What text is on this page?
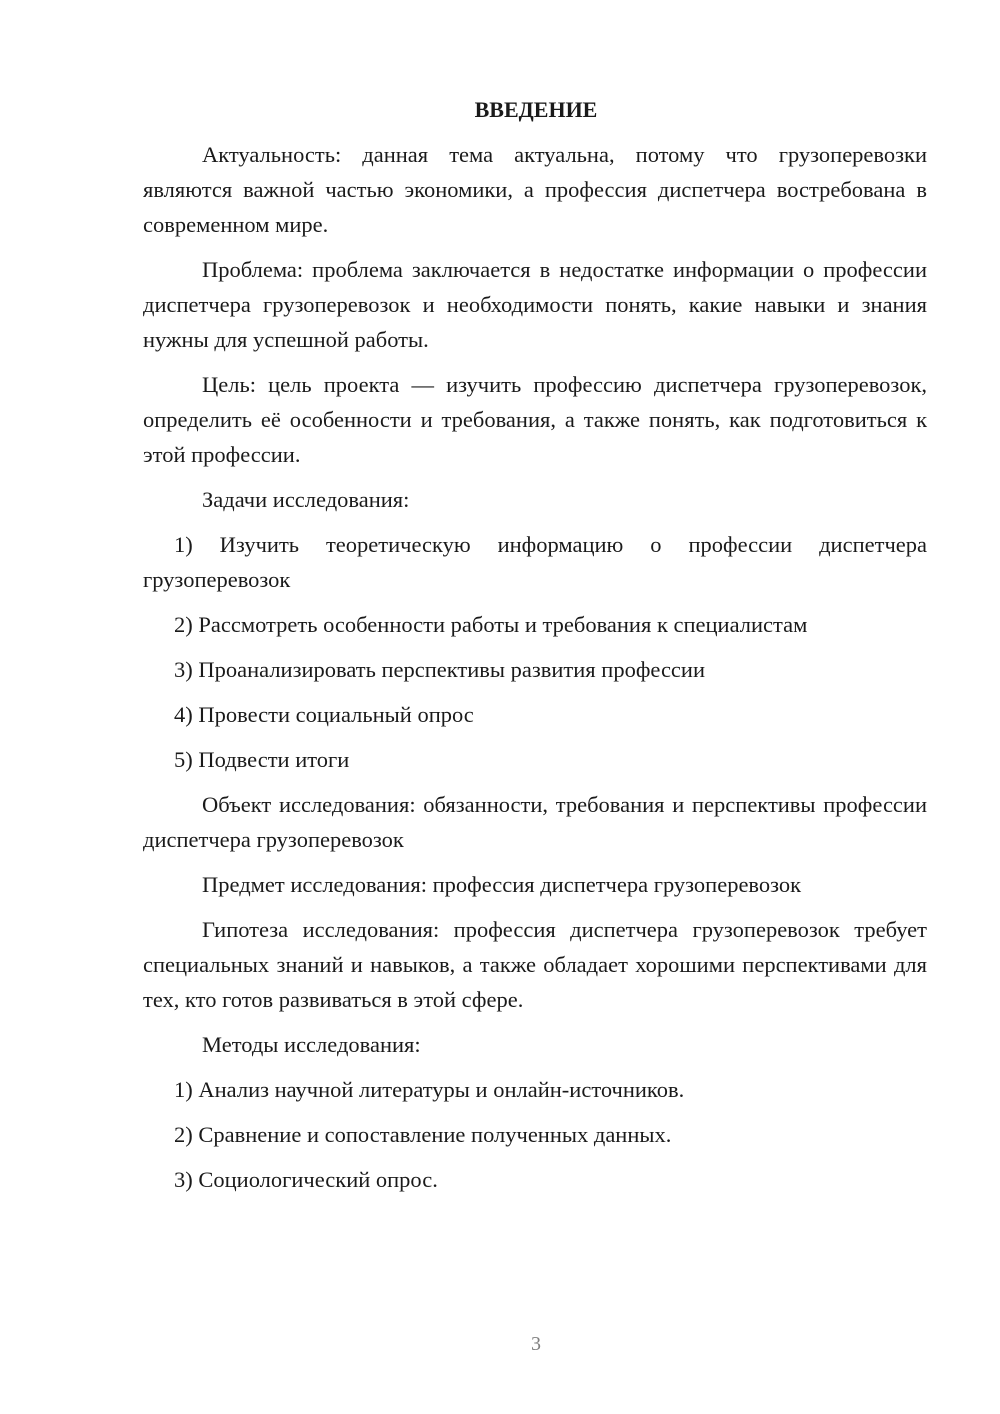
ВВЕДЕНИЕ

Актуальность: данная тема актуальна, потому что грузоперевозки являются важной частью экономики, а профессия диспетчера востребована в современном мире.

Проблема: проблема заключается в недостатке информации о профессии диспетчера грузоперевозок и необходимости понять, какие навыки и знания нужны для успешной работы.

Цель: цель проекта — изучить профессию диспетчера грузоперевозок, определить её особенности и требования, а также понять, как подготовиться к этой профессии.

Задачи исследования:

1) Изучить теоретическую информацию о профессии диспетчера грузоперевозок

2) Рассмотреть особенности работы и требования к специалистам

3) Проанализировать перспективы развития профессии

4) Провести социальный опрос

5) Подвести итоги

Объект исследования: обязанности, требования и перспективы профессии диспетчера грузоперевозок

Предмет исследования: профессия диспетчера грузоперевозок

Гипотеза исследования: профессия диспетчера грузоперевозок требует специальных знаний и навыков, а также обладает хорошими перспективами для тех, кто готов развиваться в этой сфере.

Методы исследования:

1) Анализ научной литературы и онлайн-источников.

2) Сравнение и сопоставление полученных данных.

3) Социологический опрос.

3
